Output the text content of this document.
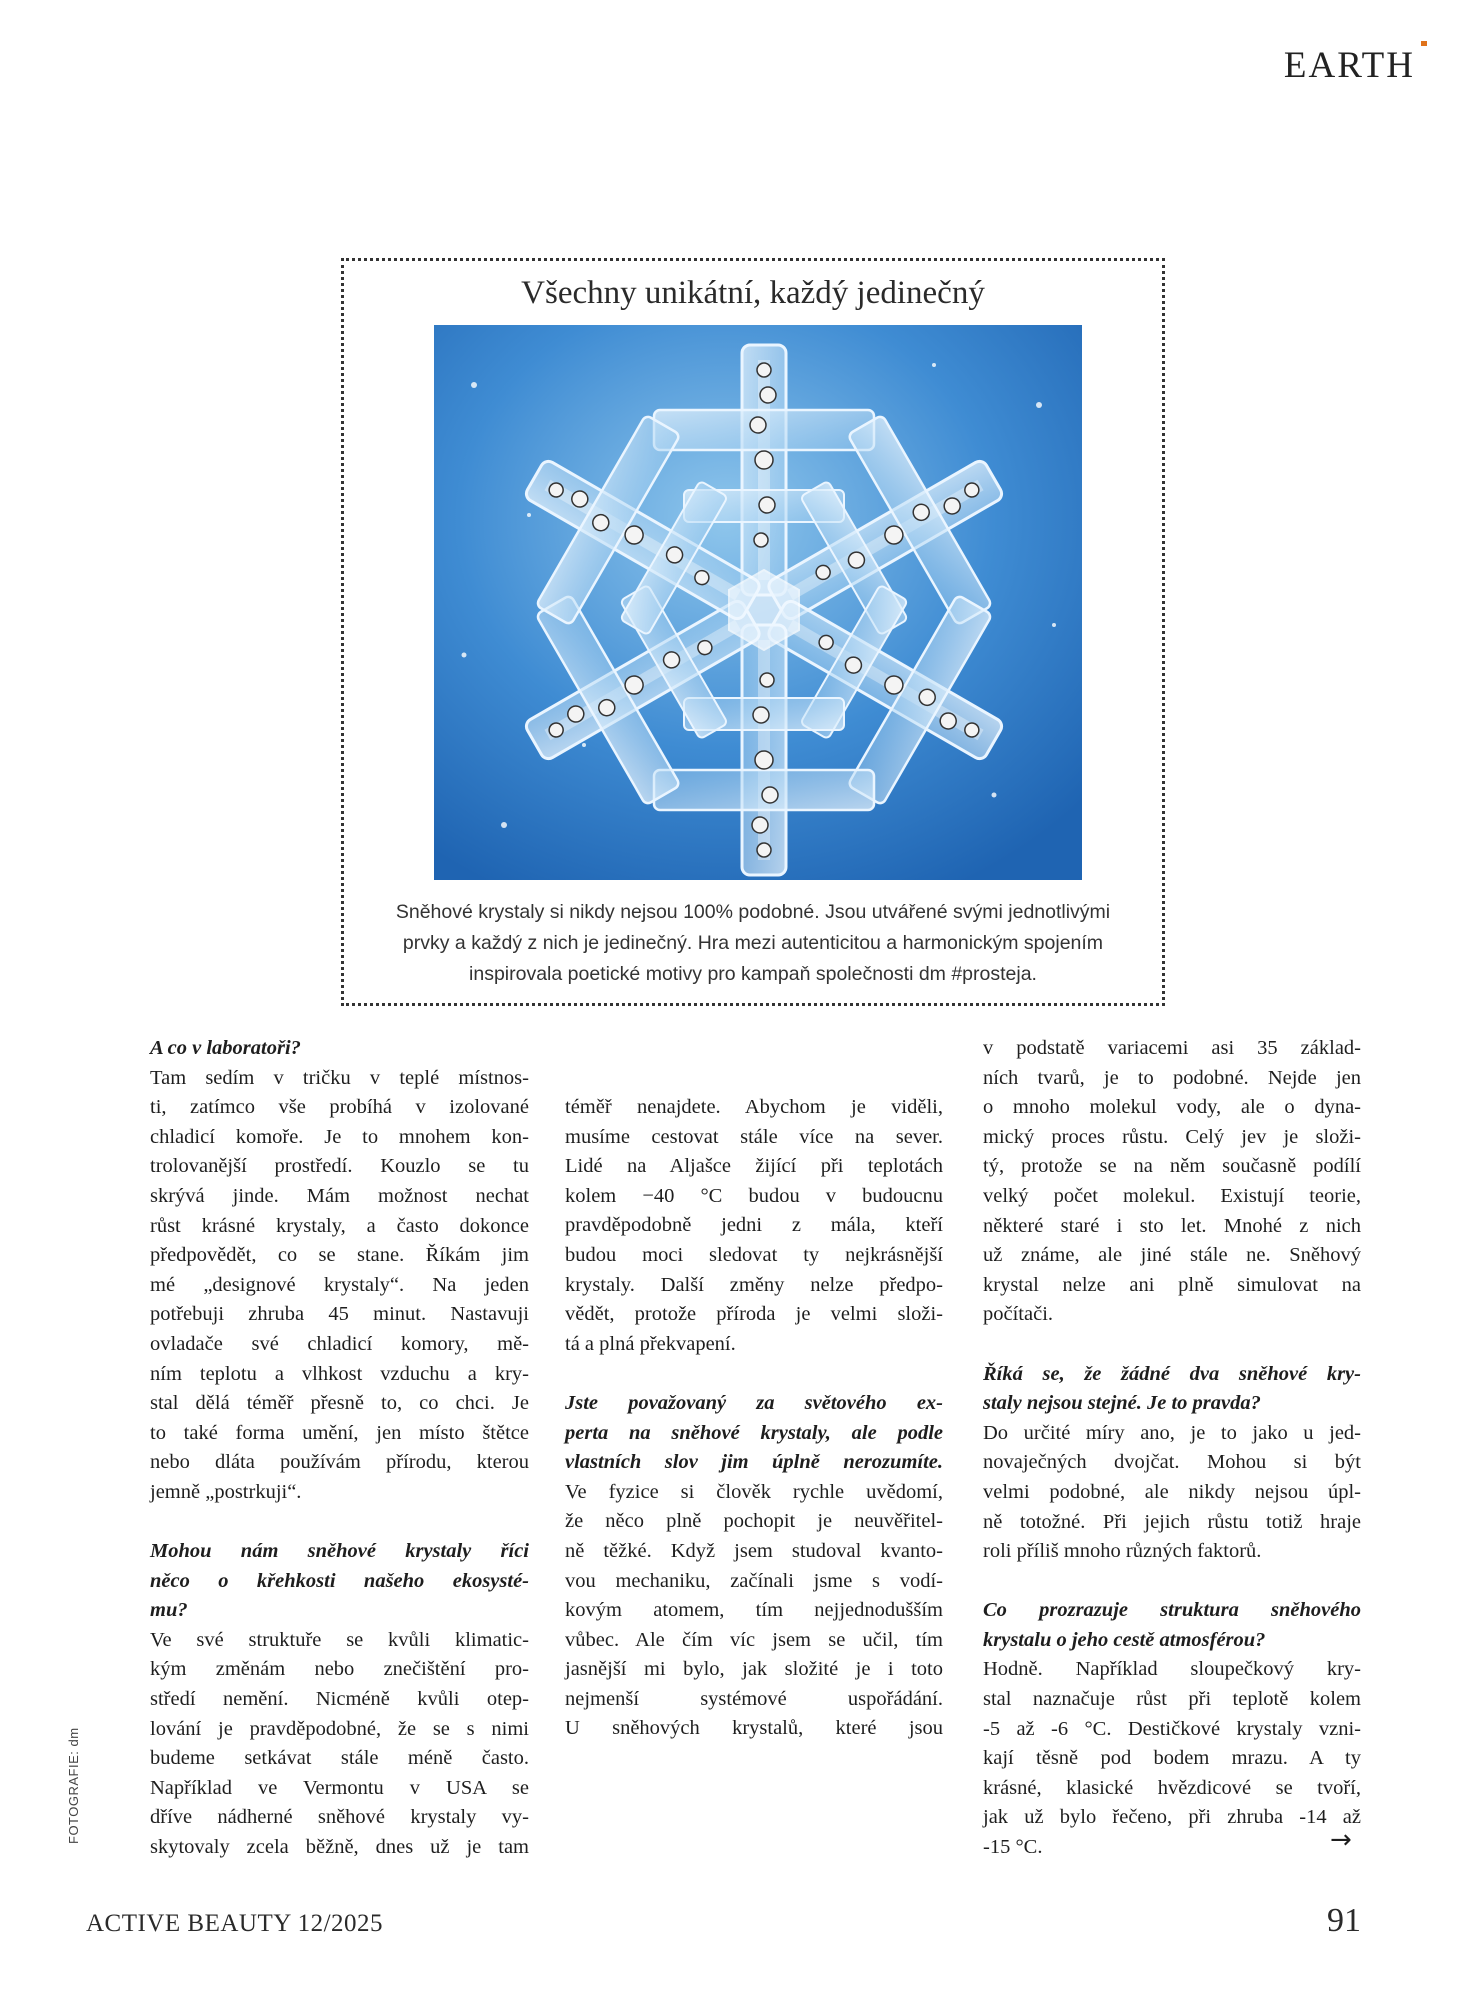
EARTH
Všechny unikátní, každý jedinečný
Sněhové krystaly si nikdy nejsou 100% podobné. Jsou utvářené svými jednotlivými
prvky a každý z nich je jedinečný. Hra mezi autenticitou a harmonickým spojením
inspirovala poetické motivy pro kampaň společnosti dm #prosteja.
A co v laboratoři?
Tam sedím v tričku v teplé místnos-
ti, zatímco vše probíhá v izolované
chladicí komoře. Je to mnohem kon-
trolovanější prostředí. Kouzlo se tu
skrývá jinde. Mám možnost nechat
růst krásné krystaly, a často dokonce
předpovědět, co se stane. Říkám jim
mé „designové krystaly“. Na jeden
potřebuji zhruba 45 minut. Nastavuji
ovladače své chladicí komory, mě-
ním teplotu a vlhkost vzduchu a kry-
stal dělá téměř přesně to, co chci. Je
to také forma umění, jen místo štětce
nebo dláta používám přírodu, kterou
jemně „postrkuji“.
Mohou nám sněhové krystaly říci
něco o křehkosti našeho ekosysté-
mu?
Ve své struktuře se kvůli klimatic-
kým změnám nebo znečištění pro-
středí nemění. Nicméně kvůli otep-
lování je pravděpodobné, že se s nimi
budeme setkávat stále méně často.
Například ve Vermontu v USA se
dříve nádherné sněhové krystaly vy-
skytovaly zcela běžně, dnes už je tam
téměř nenajdete. Abychom je viděli,
musíme cestovat stále více na sever.
Lidé na Aljašce žijící při teplotách
kolem −40 °C budou v budoucnu
pravděpodobně jedni z mála, kteří
budou moci sledovat ty nejkrásnější
krystaly. Další změny nelze předpo-
vědět, protože příroda je velmi složi-
tá a plná překvapení.
Jste považovaný za světového ex-
perta na sněhové krystaly, ale podle
vlastních slov jim úplně nerozumíte.
Ve fyzice si člověk rychle uvědomí,
že něco plně pochopit je neuvěřitel-
ně těžké. Když jsem studoval kvanto-
vou mechaniku, začínali jsme s vodí-
kovým atomem, tím nejjednodušším
vůbec. Ale čím víc jsem se učil, tím
jasnější mi bylo, jak složité je i toto
nejmenší systémové uspořádání.
U sněhových krystalů, které jsou
v podstatě variacemi asi 35 základ-
ních tvarů, je to podobné. Nejde jen
o mnoho molekul vody, ale o dyna-
mický proces růstu. Celý jev je složi-
tý, protože se na něm současně podílí
velký počet molekul. Existují teorie,
některé staré i sto let. Mnohé z nich
už známe, ale jiné stále ne. Sněhový
krystal nelze ani plně simulovat na
počítači.
Říká se, že žádné dva sněhové kry-
staly nejsou stejné. Je to pravda?
Do určité míry ano, je to jako u jed-
novaječných dvojčat. Mohou si být
velmi podobné, ale nikdy nejsou úpl-
ně totožné. Při jejich růstu totiž hraje
roli příliš mnoho různých faktorů.
Co prozrazuje struktura sněhového
krystalu o jeho cestě atmosférou?
Hodně. Například sloupečkový kry-
stal naznačuje růst při teplotě kolem
-5 až -6 °C. Destičkové krystaly vzni-
kají těsně pod bodem mrazu. A ty
krásné, klasické hvězdicové se tvoří,
jak už bylo řečeno, při zhruba -14 až
-15 °C.	→
FOTOGRAFIE: dm
ACTIVE BEAUTY 12/2025	91
